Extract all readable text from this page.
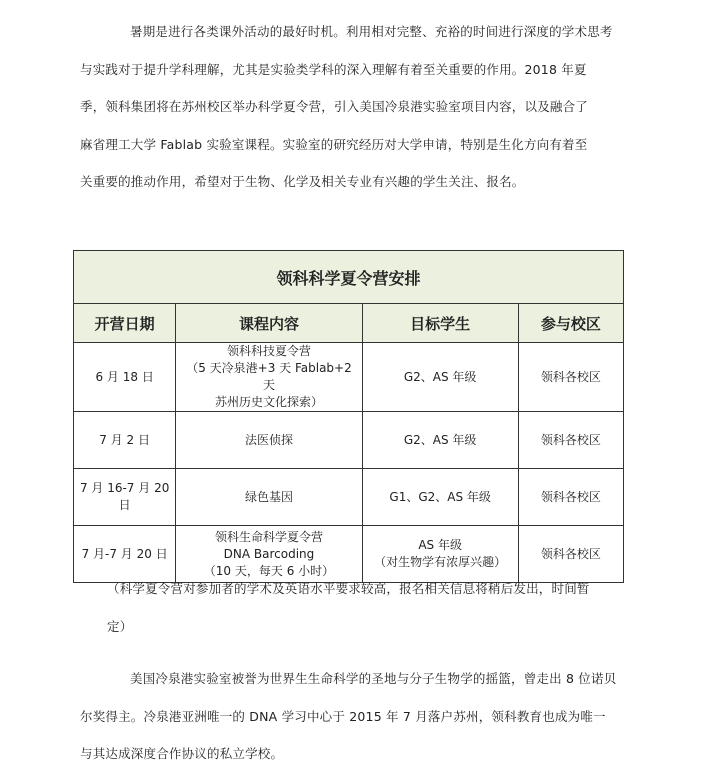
暑期是进行各类课外活动的最好时机。利用相对完整、充裕的时间进行深度的学术思考

与实践对于提升学科理解，尤其是实验类学科的深入理解有着至关重要的作用。2018 年夏

季，领科集团将在苏州校区举办科学夏令营，引入美国冷泉港实验室项目内容，以及融合了

麻省理工大学 Fablab 实验室课程。实验室的研究经历对大学申请，特别是生化方向有着至

关重要的推动作用，希望对于生物、化学及相关专业有兴趣的学生关注、报名。

领科科学夏令营安排			
开营日期	课程内容	目标学生	参与校区
6 月 18 日	领科科技夏令营
（5 天冷泉港+3 天 Fablab+2 天
苏州历史文化探索）	G2、AS 年级	领科各校区
7 月 2 日	法医侦探	G2、AS 年级	领科各校区
7 月 16-7 月 20 日	绿色基因	G1、G2、AS 年级	领科各校区
7 月-7 月 20 日	领科生命科学夏令营
DNA Barcoding
（10 天，每天 6 小时）	AS 年级
（对生物学有浓厚兴趣）	领科各校区

（科学夏令营对参加者的学术及英语水平要求较高，报名相关信息将稍后发出，时间暂

定）

美国冷泉港实验室被誉为世界生生命科学的圣地与分子生物学的摇篮，曾走出 8 位诺贝

尔奖得主。冷泉港亚洲唯一的 DNA 学习中心于 2015 年 7 月落户苏州，领科教育也成为唯一

与其达成深度合作协议的私立学校。
